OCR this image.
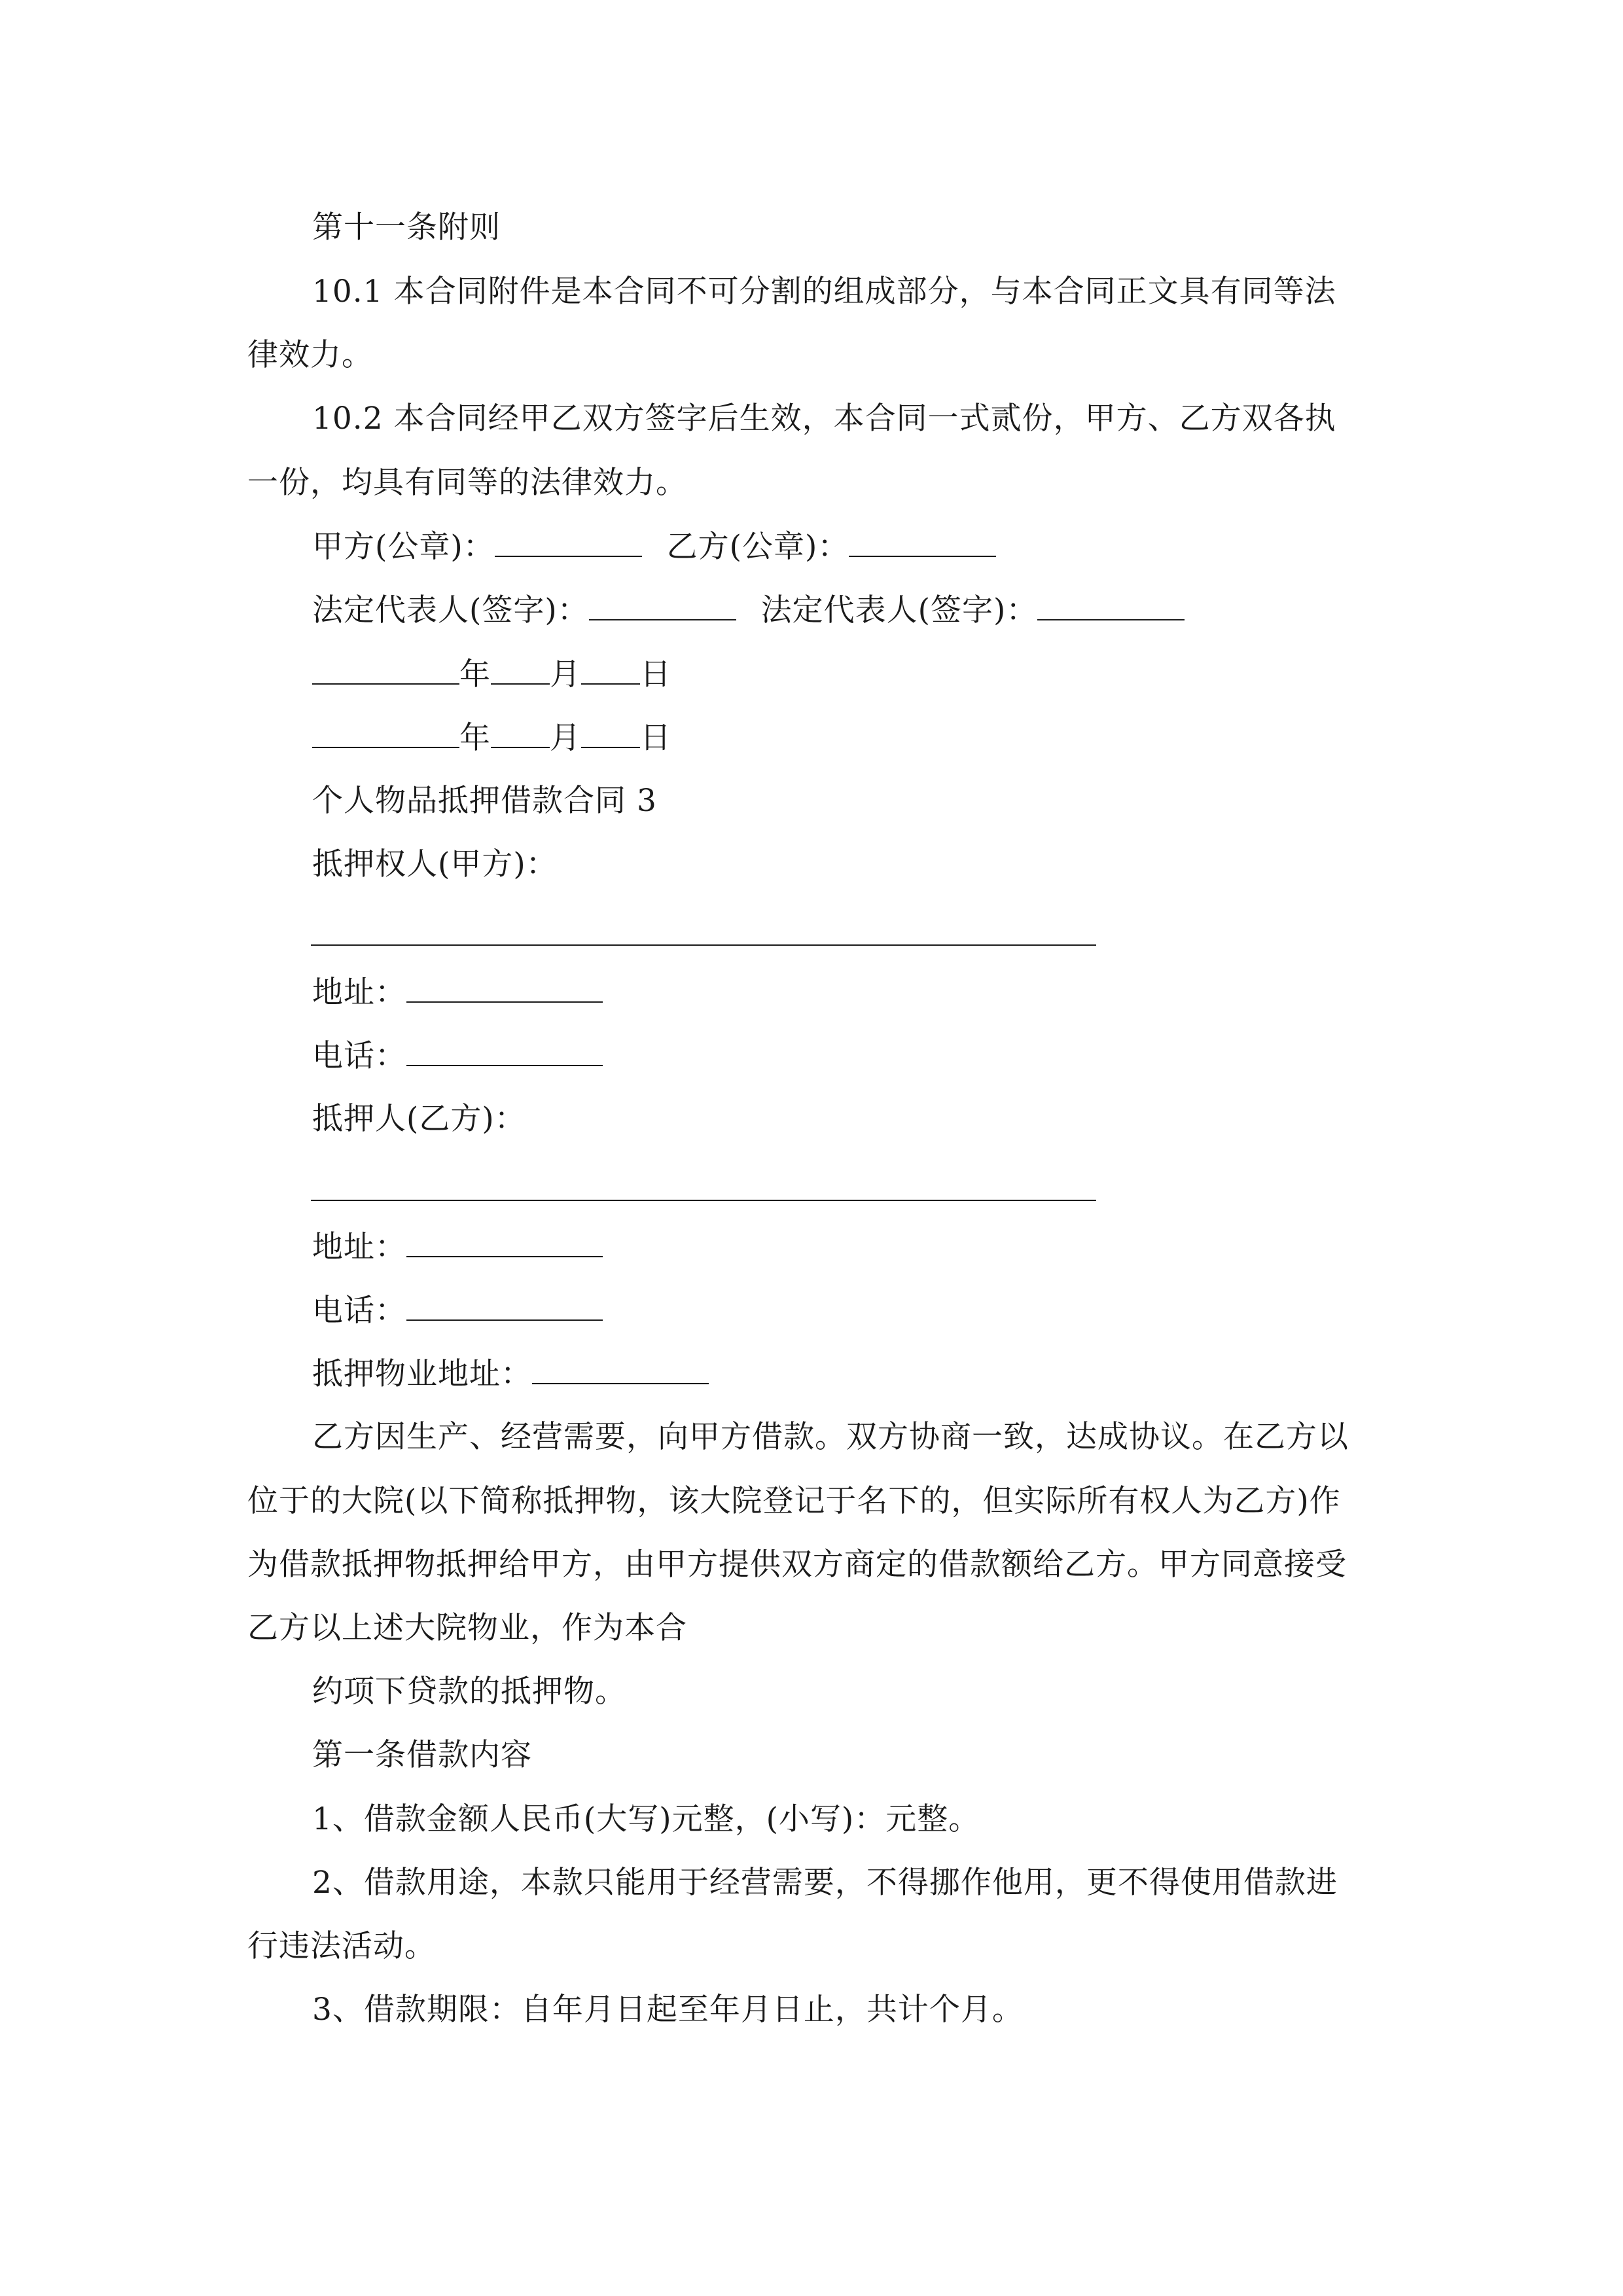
第十一条附则
10.1 本合同附件是本合同不可分割的组成部分，与本合同正文具有同等法
律效力。
10.2 本合同经甲乙双方签字后生效，本合同一式贰份，甲方、乙方双各执
一份，均具有同等的法律效力。
甲方(公章)：	乙方(公章)：
法定代表人(签字)：	法定代表人(签字)：
年 月 日
年 月 日
个人物品抵押借款合同 3
抵押权人(甲方)：
地址：
电话：
抵押人(乙方)：
地址：
电话：
抵押物业地址：
乙方因生产、经营需要，向甲方借款。双方协商一致，达成协议。在乙方以
位于的大院(以下简称抵押物，该大院登记于名下的，但实际所有权人为乙方)作
为借款抵押物抵押给甲方，由甲方提供双方商定的借款额给乙方。甲方同意接受
乙方以上述大院物业，作为本合
约项下贷款的抵押物。
第一条借款内容
1、借款金额人民币(大写)元整，(小写)：元整。
2、借款用途，本款只能用于经营需要，不得挪作他用，更不得使用借款进
行违法活动。
3、借款期限：自年月日起至年月日止，共计个月。
